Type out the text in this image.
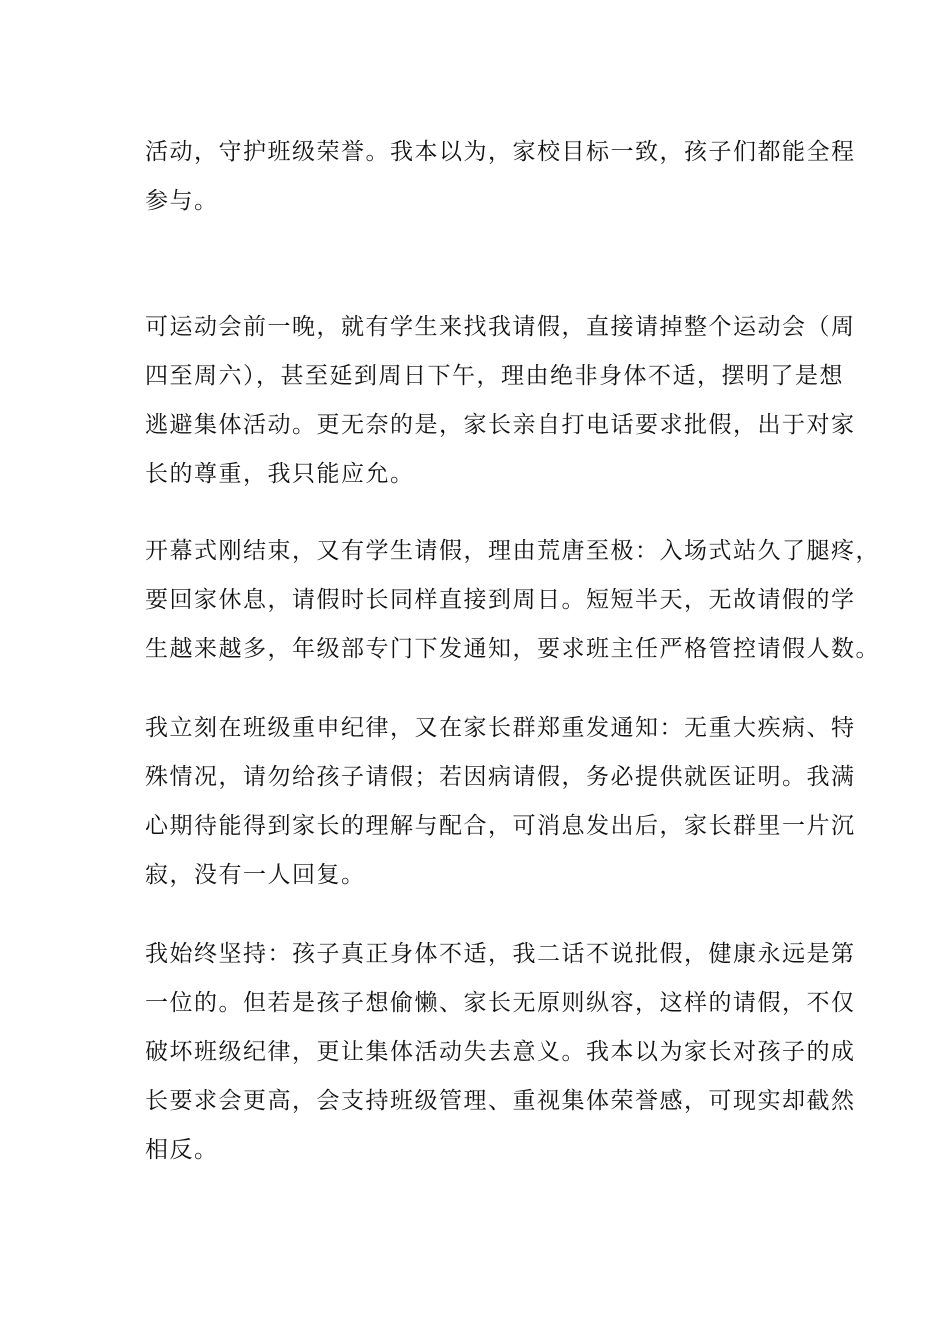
活动，守护班级荣誉。我本以为，家校目标一致，孩子们都能全程
参与。
可运动会前一晚，就有学生来找我请假，直接请掉整个运动会（周
四至周六），甚至延到周日下午，理由绝非身体不适，摆明了是想
逃避集体活动。更无奈的是，家长亲自打电话要求批假，出于对家
长的尊重，我只能应允。
开幕式刚结束，又有学生请假，理由荒唐至极：入场式站久了腿疼，
要回家休息，请假时长同样直接到周日。短短半天，无故请假的学
生越来越多，年级部专门下发通知，要求班主任严格管控请假人数。
我立刻在班级重申纪律，又在家长群郑重发通知：无重大疾病、特
殊情况，请勿给孩子请假；若因病请假，务必提供就医证明。我满
心期待能得到家长的理解与配合，可消息发出后，家长群里一片沉
寂，没有一人回复。
我始终坚持：孩子真正身体不适，我二话不说批假，健康永远是第
一位的。但若是孩子想偷懒、家长无原则纵容，这样的请假，不仅
破坏班级纪律，更让集体活动失去意义。我本以为家长对孩子的成
长要求会更高，会支持班级管理、重视集体荣誉感，可现实却截然
相反。
